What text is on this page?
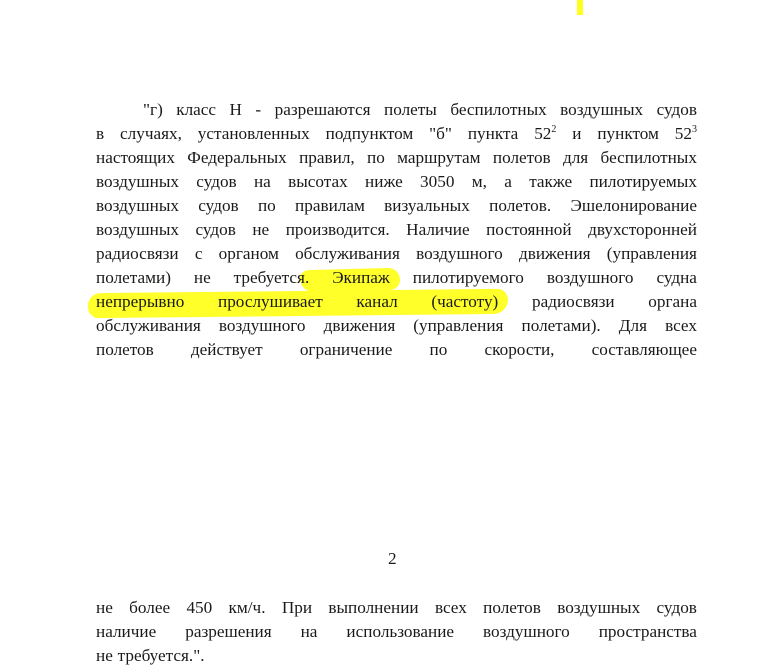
"г) класс Н - разрешаются полеты беспилотных воздушных судов
в случаях, установленных подпунктом "б" пункта $52^2$ и пунктом $52^3$
настоящих Федеральных правил, по маршрутам полетов для беспилотных
воздушных судов на высотах ниже 3050 м, а также пилотируемых
воздушных судов по правилам визуальных полетов. Эшелонирование
воздушных судов не производится. Наличие постоянной двухсторонней
радиосвязи с органом обслуживания воздушного движения (управления
полетами) не требуется. Экипаж пилотируемого воздушного судна
непрерывно прослушивает канал (частоту) радиосвязи органа
обслуживания воздушного движения (управления полетами). Для всех
полетов действует ограничение по скорости, составляющее
2
не более 450 км/ч. При выполнении всех полетов воздушных судов
наличие разрешения на использование воздушного пространства
не требуется.".
